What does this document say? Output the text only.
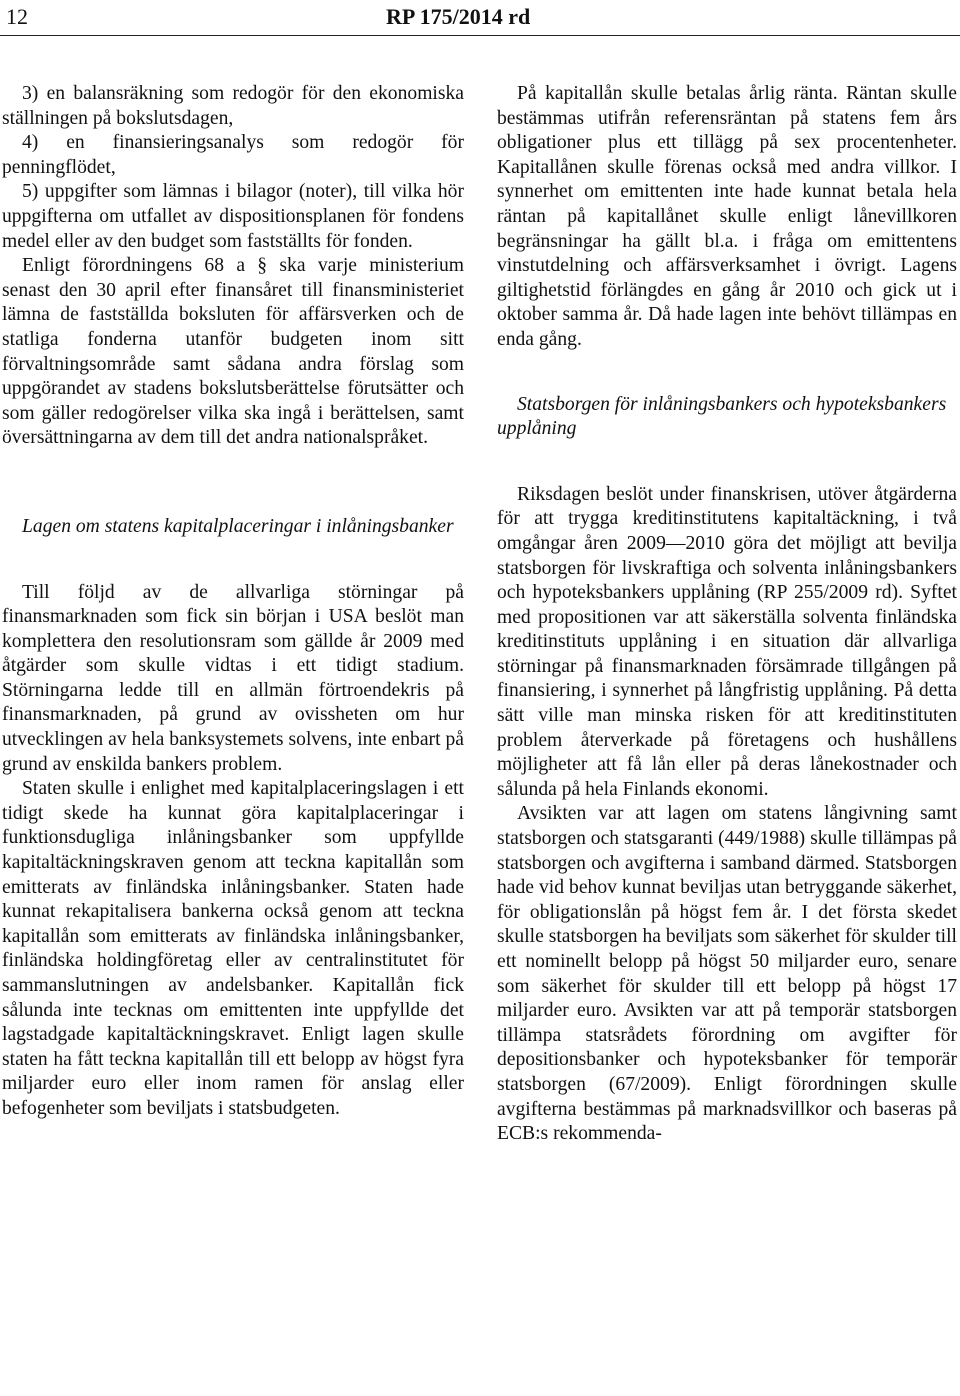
12	RP 175/2014 rd

3) en balansräkning som redogör för den ekonomiska ställningen på bokslutsdagen,

4) en finansieringsanalys som redogör för penningflödet,

5) uppgifter som lämnas i bilagor (noter), till vilka hör uppgifterna om utfallet av dispositionsplanen för fondens medel eller av den budget som fastställts för fonden.

Enligt förordningens 68 a § ska varje ministerium senast den 30 april efter finansåret till finansministeriet lämna de fastställda boksluten för affärsverken och de statliga fonderna utanför budgeten inom sitt förvaltningsområde samt sådana andra förslag som uppgörandet av stadens bokslutsberättelse förutsätter och som gäller redogörelser vilka ska ingå i berättelsen, samt översättningarna av dem till det andra nationalspråket.

Lagen om statens kapitalplaceringar i inlåningsbanker

Till följd av de allvarliga störningar på finansmarknaden som fick sin början i USA beslöt man komplettera den resolutionsram som gällde år 2009 med åtgärder som skulle vidtas i ett tidigt stadium. Störningarna ledde till en allmän förtroendekris på finansmarknaden, på grund av ovissheten om hur utvecklingen av hela banksystemets solvens, inte enbart på grund av enskilda bankers problem.

Staten skulle i enlighet med kapitalplaceringslagen i ett tidigt skede ha kunnat göra kapitalplaceringar i funktionsdugliga inlåningsbanker som uppfyllde kapitaltäckningskraven genom att teckna kapitallån som emitterats av finländska inlåningsbanker. Staten hade kunnat rekapitalisera bankerna också genom att teckna kapitallån som emitterats av finländska inlåningsbanker, finländska holdingföretag eller av centralinstitutet för sammanslutningen av andelsbanker. Kapitallån fick sålunda inte tecknas om emittenten inte uppfyllde det lagstadgade kapitaltäckningskravet. Enligt lagen skulle staten ha fått teckna kapitallån till ett belopp av högst fyra miljarder euro eller inom ramen för anslag eller befogenheter som beviljats i statsbudgeten.

På kapitallån skulle betalas årlig ränta. Räntan skulle bestämmas utifrån referensräntan på statens fem års obligationer plus ett tillägg på sex procentenheter. Kapitallånen skulle förenas också med andra villkor. I synnerhet om emittenten inte hade kunnat betala hela räntan på kapitallånet skulle enligt lånevillkoren begränsningar ha gällt bl.a. i fråga om emittentens vinstutdelning och affärsverksamhet i övrigt. Lagens giltighetstid förlängdes en gång år 2010 och gick ut i oktober samma år. Då hade lagen inte behövt tillämpas en enda gång.

Statsborgen för inlåningsbankers och hypoteksbankers upplåning

Riksdagen beslöt under finanskrisen, utöver åtgärderna för att trygga kreditinstitutens kapitaltäckning, i två omgångar åren 2009—2010 göra det möjligt att bevilja statsborgen för livskraftiga och solventa inlåningsbankers och hypoteksbankers upplåning (RP 255/2009 rd). Syftet med propositionen var att säkerställa solventa finländska kreditinstituts upplåning i en situation där allvarliga störningar på finansmarknaden försämrade tillgången på finansiering, i synnerhet på långfristig upplåning. På detta sätt ville man minska risken för att kreditinstituten problem återverkade på företagens och hushållens möjligheter att få lån eller på deras lånekostnader och sålunda på hela Finlands ekonomi.

Avsikten var att lagen om statens långivning samt statsborgen och statsgaranti (449/1988) skulle tillämpas på statsborgen och avgifterna i samband därmed. Statsborgen hade vid behov kunnat beviljas utan betryggande säkerhet, för obligationslån på högst fem år. I det första skedet skulle statsborgen ha beviljats som säkerhet för skulder till ett nominellt belopp på högst 50 miljarder euro, senare som säkerhet för skulder till ett belopp på högst 17 miljarder euro. Avsikten var att på temporär statsborgen tillämpa statsrådets förordning om avgifter för depositionsbanker och hypoteksbanker för temporär statsborgen (67/2009). Enligt förordningen skulle avgifterna bestämmas på marknadsvillkor och baseras på ECB:s rekommenda-
